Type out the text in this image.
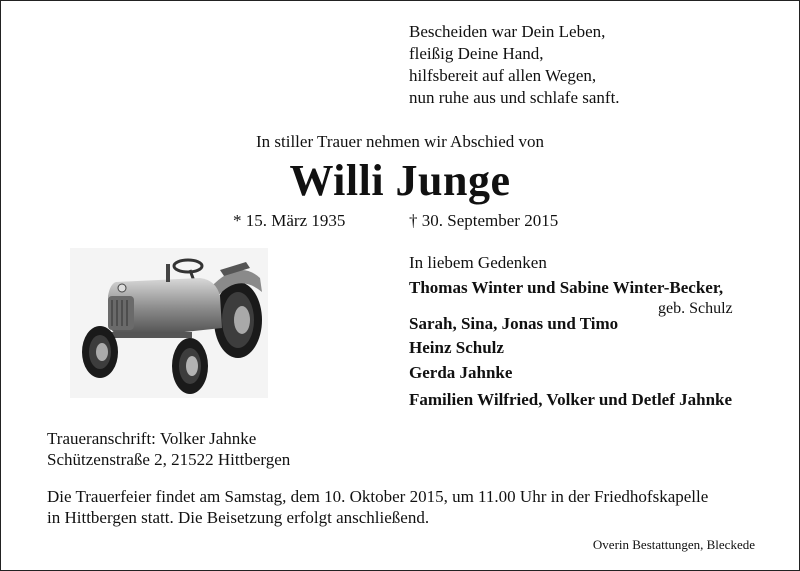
Bescheiden war Dein Leben,
fleißig Deine Hand,
hilfsbereit auf allen Wegen,
nun ruhe aus und schlafe sanft.
In stiller Trauer nehmen wir Abschied von
Willi Junge
* 15. März 1935	† 30. September 2015
In liebem Gedenken
Thomas Winter und Sabine Winter-Becker,
geb. Schulz
Sarah, Sina, Jonas und Timo
Heinz Schulz
Gerda Jahnke
Familien Wilfried, Volker und Detlef Jahnke
Traueranschrift: Volker Jahnke
Schützenstraße 2, 21522 Hittbergen
Die Trauerfeier findet am Samstag, dem 10. Oktober 2015, um 11.00 Uhr in der Friedhofskapelle
in Hittbergen statt. Die Beisetzung erfolgt anschließend.
Overin Bestattungen, Bleckede
